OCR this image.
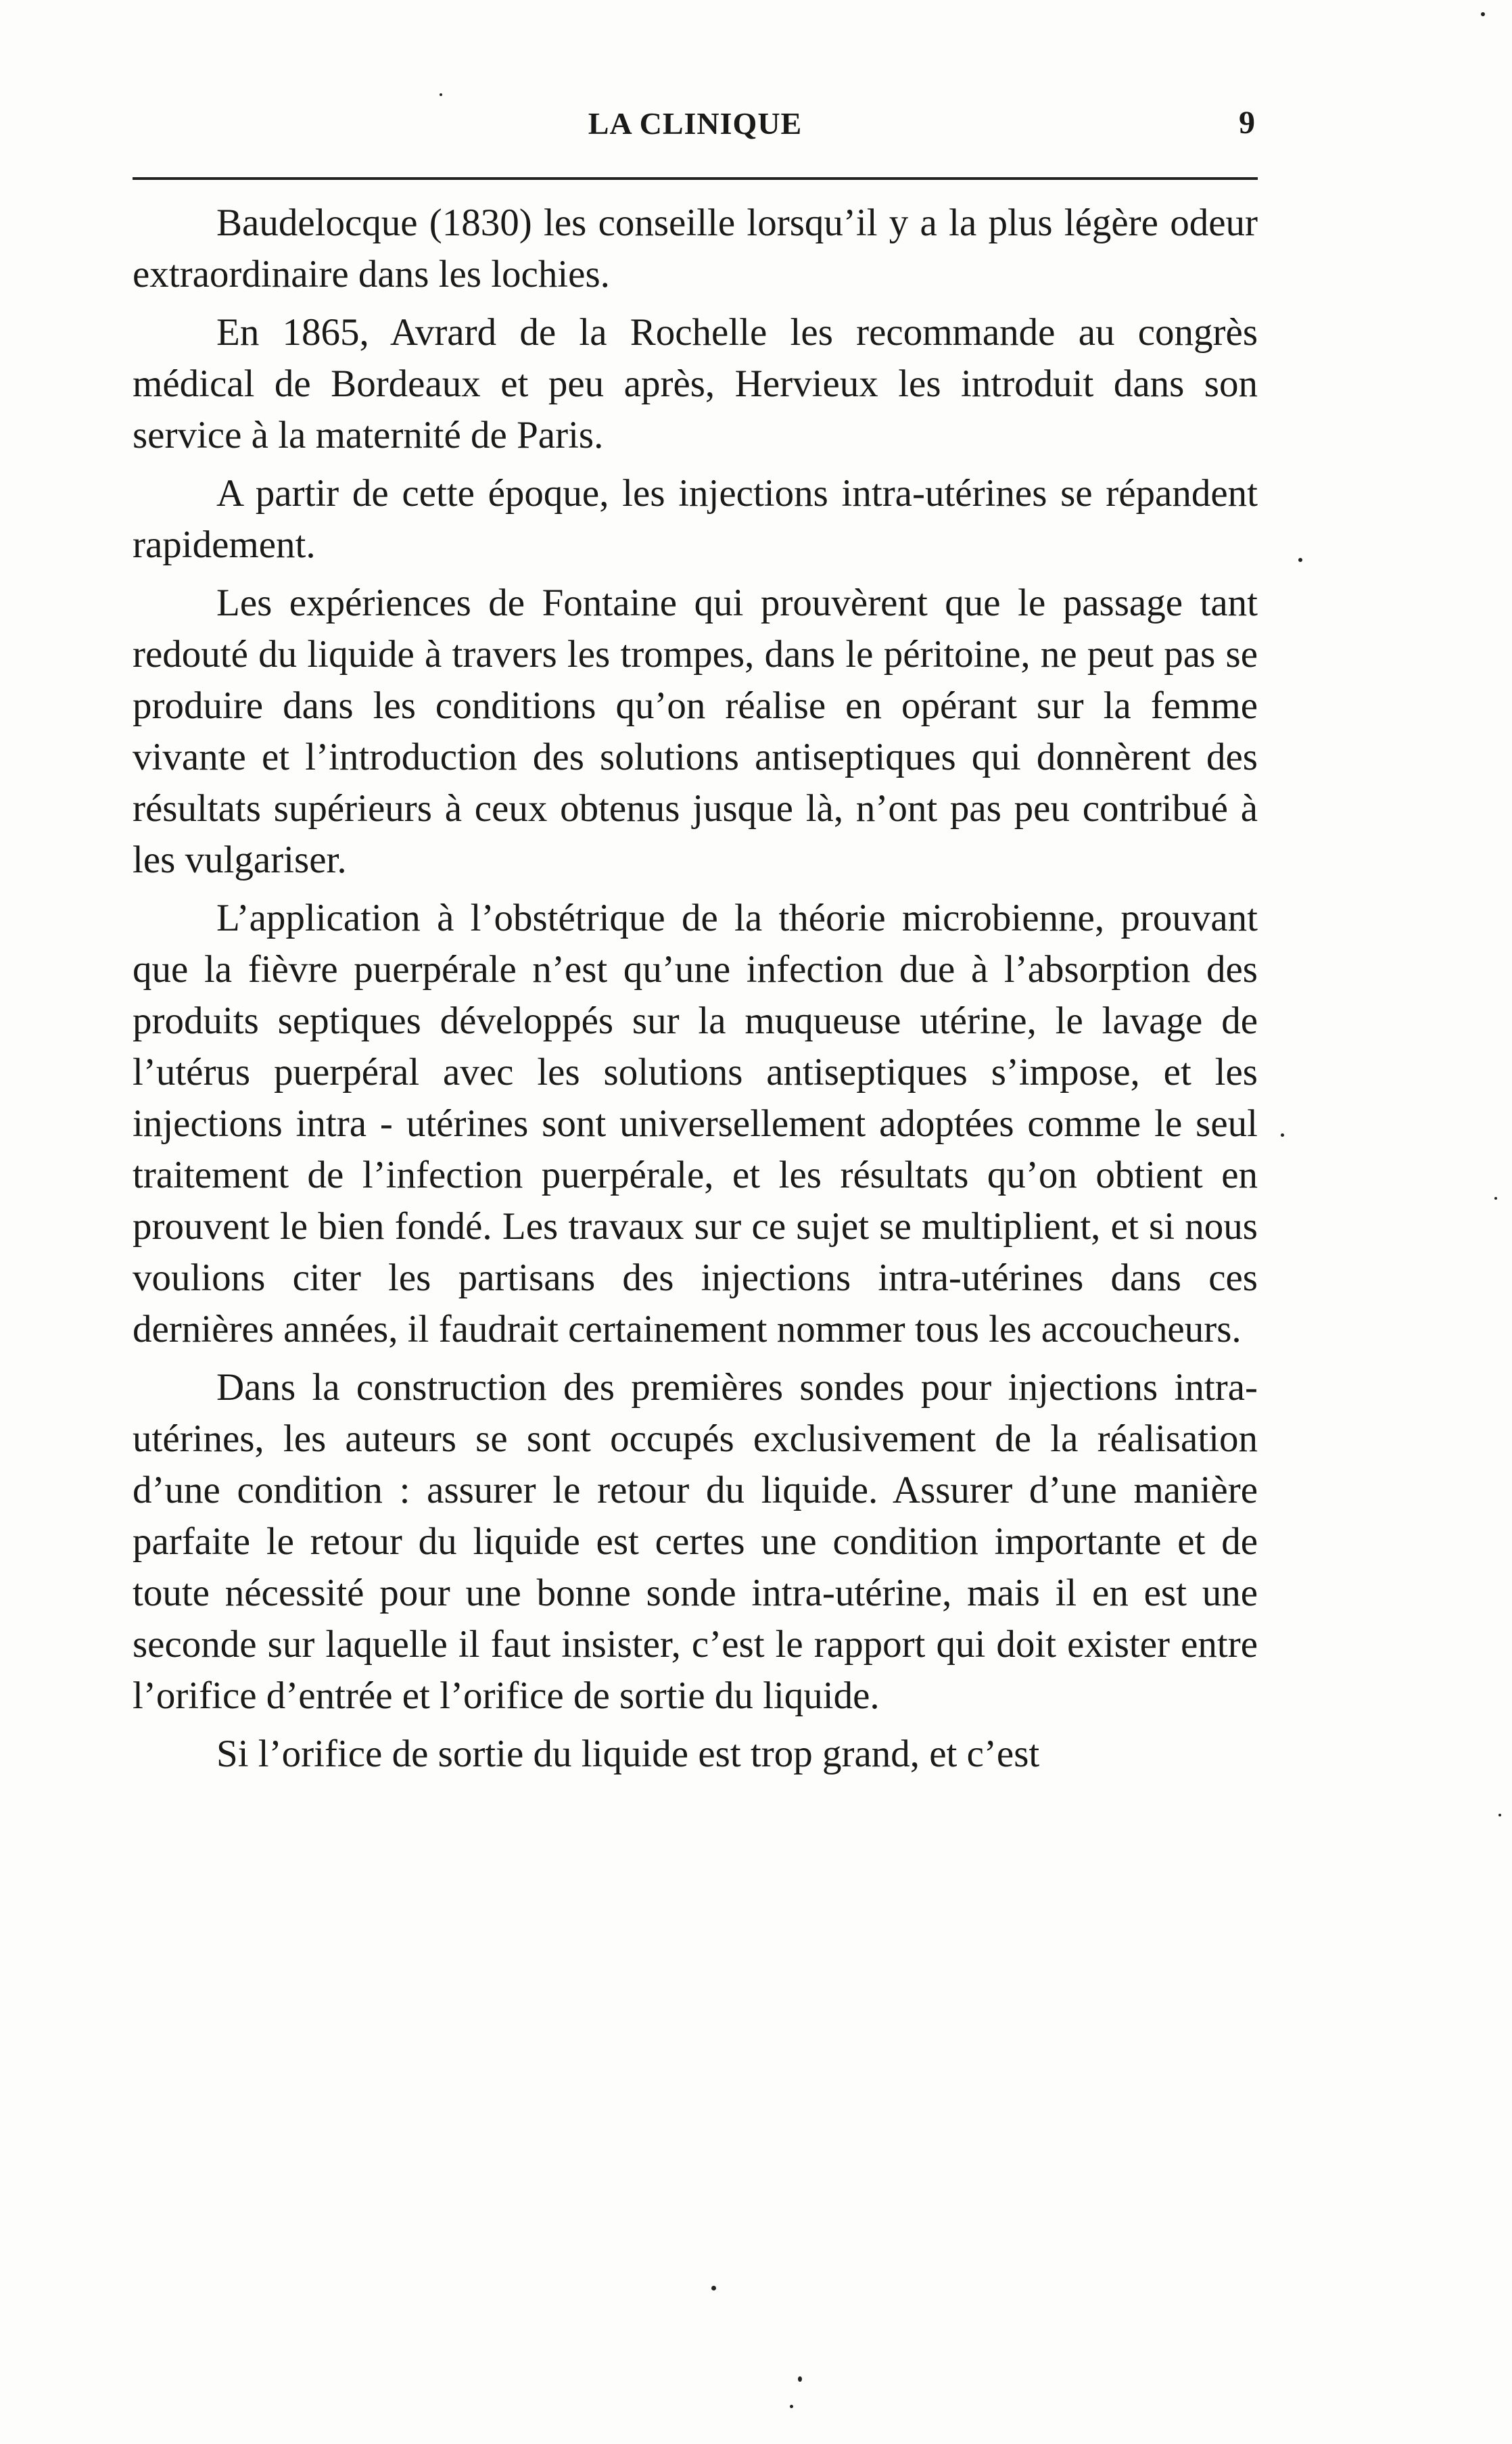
LA CLINIQUE	9

Baudelocque (1830) les conseille lorsqu’il y a la plus légère odeur extraordinaire dans les lochies.

En 1865, Avrard de la Rochelle les recommande au congrès médical de Bordeaux et peu après, Hervieux les introduit dans son service à la maternité de Paris.

A partir de cette époque, les injections intra-utérines se répandent rapidement.

Les expériences de Fontaine qui prouvèrent que le passage tant redouté du liquide à travers les trompes, dans le péritoine, ne peut pas se produire dans les conditions qu’on réalise en opérant sur la femme vivante et l’introduction des solutions antiseptiques qui donnèrent des résultats supérieurs à ceux obtenus jusque là, n’ont pas peu contribué à les vulgariser.

L’application à l’obstétrique de la théorie microbienne, prouvant que la fièvre puerpérale n’est qu’une infection due à l’absorption des produits septiques développés sur la muqueuse utérine, le lavage de l’utérus puerpéral avec les solutions antiseptiques s’impose, et les injections intra - utérines sont universellement adoptées comme le seul traitement de l’infection puerpérale, et les résultats qu’on obtient en prouvent le bien fondé. Les travaux sur ce sujet se multiplient, et si nous voulions citer les partisans des injections intra-utérines dans ces dernières années, il faudrait certainement nommer tous les accoucheurs.

Dans la construction des premières sondes pour injections intra-utérines, les auteurs se sont occupés exclusivement de la réalisation d’une condition : assurer le retour du liquide. Assurer d’une manière parfaite le retour du liquide est certes une condition importante et de toute nécessité pour une bonne sonde intra-utérine, mais il en est une seconde sur laquelle il faut insister, c’est le rapport qui doit exister entre l’orifice d’entrée et l’orifice de sortie du liquide.

Si l’orifice de sortie du liquide est trop grand, et c’est
